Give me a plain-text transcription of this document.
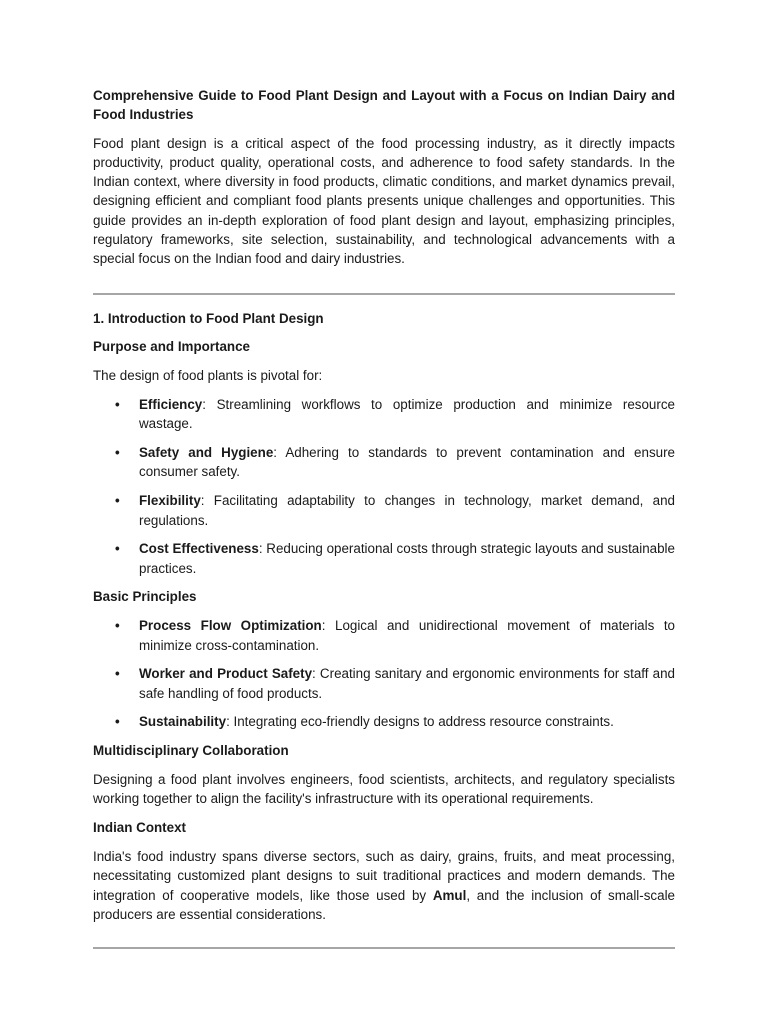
Comprehensive Guide to Food Plant Design and Layout with a Focus on Indian Dairy and Food Industries

Food plant design is a critical aspect of the food processing industry, as it directly impacts productivity, product quality, operational costs, and adherence to food safety standards. In the Indian context, where diversity in food products, climatic conditions, and market dynamics prevail, designing efficient and compliant food plants presents unique challenges and opportunities. This guide provides an in-depth exploration of food plant design and layout, emphasizing principles, regulatory frameworks, site selection, sustainability, and technological advancements with a special focus on the Indian food and dairy industries.

1. Introduction to Food Plant Design
Purpose and Importance

The design of food plants is pivotal for:

• Efficiency: Streamlining workflows to optimize production and minimize resource wastage.
• Safety and Hygiene: Adhering to standards to prevent contamination and ensure consumer safety.
• Flexibility: Facilitating adaptability to changes in technology, market demand, and regulations.
• Cost Effectiveness: Reducing operational costs through strategic layouts and sustainable practices.
Basic Principles
• Process Flow Optimization: Logical and unidirectional movement of materials to minimize cross-contamination.
• Worker and Product Safety: Creating sanitary and ergonomic environments for staff and safe handling of food products.
• Sustainability: Integrating eco-friendly designs to address resource constraints.
Multidisciplinary Collaboration

Designing a food plant involves engineers, food scientists, architects, and regulatory specialists working together to align the facility's infrastructure with its operational requirements.

Indian Context

India's food industry spans diverse sectors, such as dairy, grains, fruits, and meat processing, necessitating customized plant designs to suit traditional practices and modern demands. The integration of cooperative models, like those used by Amul, and the inclusion of small-scale producers are essential considerations.
